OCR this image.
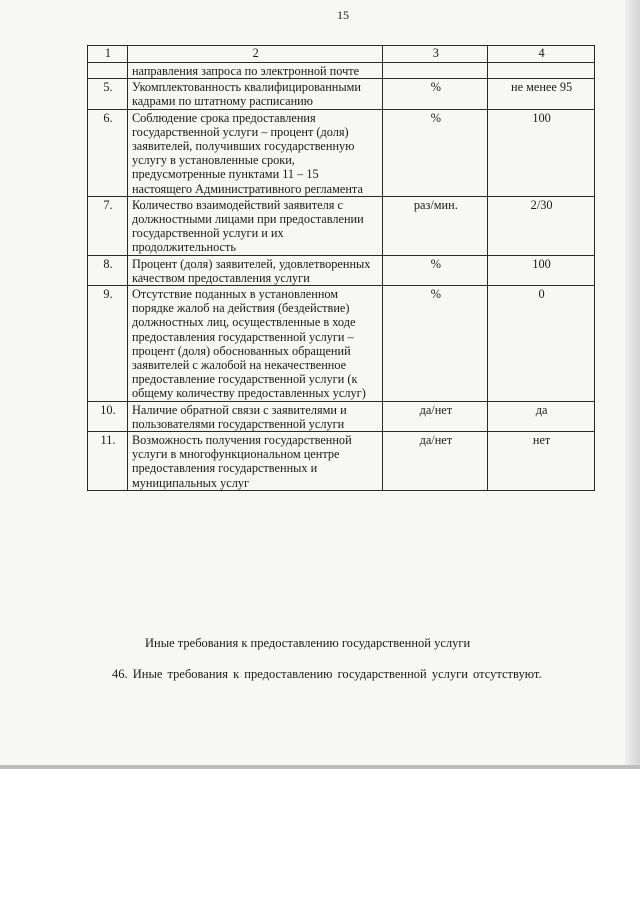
15
1	2	3	4
	направления запроса по электронной почте		
5.	Укомплектованность квалифицированными кадрами по штатному расписанию	%	не менее 95
6.	Соблюдение срока предоставления государственной услуги – процент (доля) заявителей, получивших государственную услугу в установленные сроки, предусмотренные пунктами 11 – 15 настоящего Административного регламента	%	100
7.	Количество взаимодействий заявителя с должностными лицами при предоставлении государственной услуги и их продолжительность	раз/мин.	2/30
8.	Процент (доля) заявителей, удовлетворенных качеством предоставления услуги	%	100
9.	Отсутствие поданных в установленном порядке жалоб на действия (бездействие) должностных лиц, осуществленные в ходе предоставления государственной услуги – процент (доля) обоснованных обращений заявителей с жалобой на некачественное предоставление государственной услуги (к общему количеству предоставленных услуг)	%	0
10.	Наличие обратной связи с заявителями и пользователями государственной услуги	да/нет	да
11.	Возможность получения государственной услуги в многофункциональном центре предоставления государственных и муниципальных услуг	да/нет	нет
Иные требования к предоставлению государственной услуги
46. Иные требования к предоставлению государственной услуги отсутствуют.
